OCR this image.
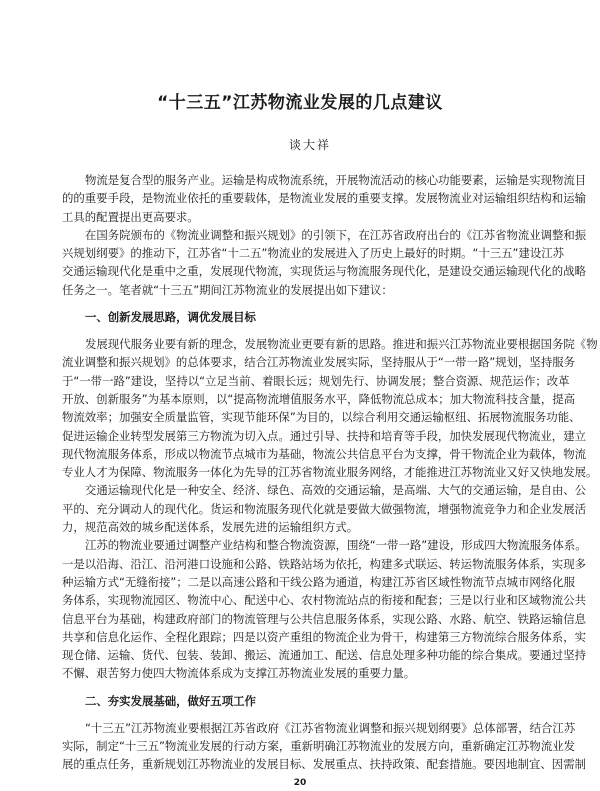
“十三五”江苏物流业发展的几点建议
谈大祥
物流是复合型的服务产业。运输是构成物流系统，开展物流活动的核心功能要素，运输是实现物流目
的的重要手段，是物流业依托的重要载体，是物流业发展的重要支撑。发展物流业对运输组织结构和运输
工具的配置提出更高要求。
在国务院颁布的《物流业调整和振兴规划》的引领下，在江苏省政府出台的《江苏省物流业调整和振
兴规划纲要》的推动下，江苏省“十二五”物流业的发展进入了历史上最好的时期。“十三五”建设江苏
交通运输现代化是重中之重，发展现代物流，实现货运与物流服务现代化，是建设交通运输现代化的战略
任务之一。笔者就“十三五”期间江苏物流业的发展提出如下建议：
一、创新发展思路，调优发展目标
发展现代服务业要有新的理念，发展物流业更要有新的思路。推进和振兴江苏物流业要根据国务院《物
流业调整和振兴规划》的总体要求，结合江苏物流业发展实际，坚持服从于“一带一路”规划，坚持服务
于“一带一路”建设，坚持以“立足当前、着眼长远；规划先行、协调发展；整合资源、规范运作；改革
开放、创新服务”为基本原则，以“提高物流增值服务水平，降低物流总成本；加大物流科技含量，提高
物流效率；加强安全质量监管，实现节能环保”为目的，以综合利用交通运输枢纽、拓展物流服务功能、
促进运输企业转型发展第三方物流为切入点。通过引导、扶持和培育等手段，加快发展现代物流业，建立
现代物流服务体系，形成以物流节点城市为基础，物流公共信息平台为支撑，骨干物流企业为载体，物流
专业人才为保障、物流服务一体化为先导的江苏省物流业服务网络，才能推进江苏物流业又好又快地发展。
交通运输现代化是一种安全、经济、绿色、高效的交通运输，是高端、大气的交通运输，是自由、公
平的、充分调动人的现代化。货运和物流服务现代化就是要做大做强物流，增强物流竞争力和企业发展活
力，规范高效的城乡配送体系，发展先进的运输组织方式。
江苏的物流业要通过调整产业结构和整合物流资源，围绕“一带一路”建设，形成四大物流服务体系。
一是以沿海、沿江、沿河港口设施和公路、铁路站场为依托，构建多式联运、转运物流服务体系，实现多
种运输方式“无缝衔接”；二是以高速公路和干线公路为通道，构建江苏省区域性物流节点城市网络化服
务体系，实现物流园区、物流中心、配送中心、农村物流站点的衔接和配套；三是以行业和区域物流公共
信息平台为基础，构建政府部门的物流管理与公共信息服务体系，实现公路、水路、航空、铁路运输信息
共享和信息化运作、全程化跟踪；四是以资产重组的物流企业为骨干，构建第三方物流综合服务体系，实
现仓储、运输、货代、包装、装卸、搬运、流通加工、配送、信息处理多种功能的综合集成。要通过坚持
不懈、艰苦努力使四大物流体系成为支撑江苏物流业发展的重要力量。
二、夯实发展基础，做好五项工作
“十三五”江苏物流业要根据江苏省政府《江苏省物流业调整和振兴规划纲要》总体部署，结合江苏
实际，制定“十三五”物流业发展的行动方案，重新明确江苏物流业的发展方向，重新确定江苏物流业发
展的重点任务，重新规划江苏物流业的发展目标、发展重点、扶持政策、配套措施。要因地制宜、因需制
20
